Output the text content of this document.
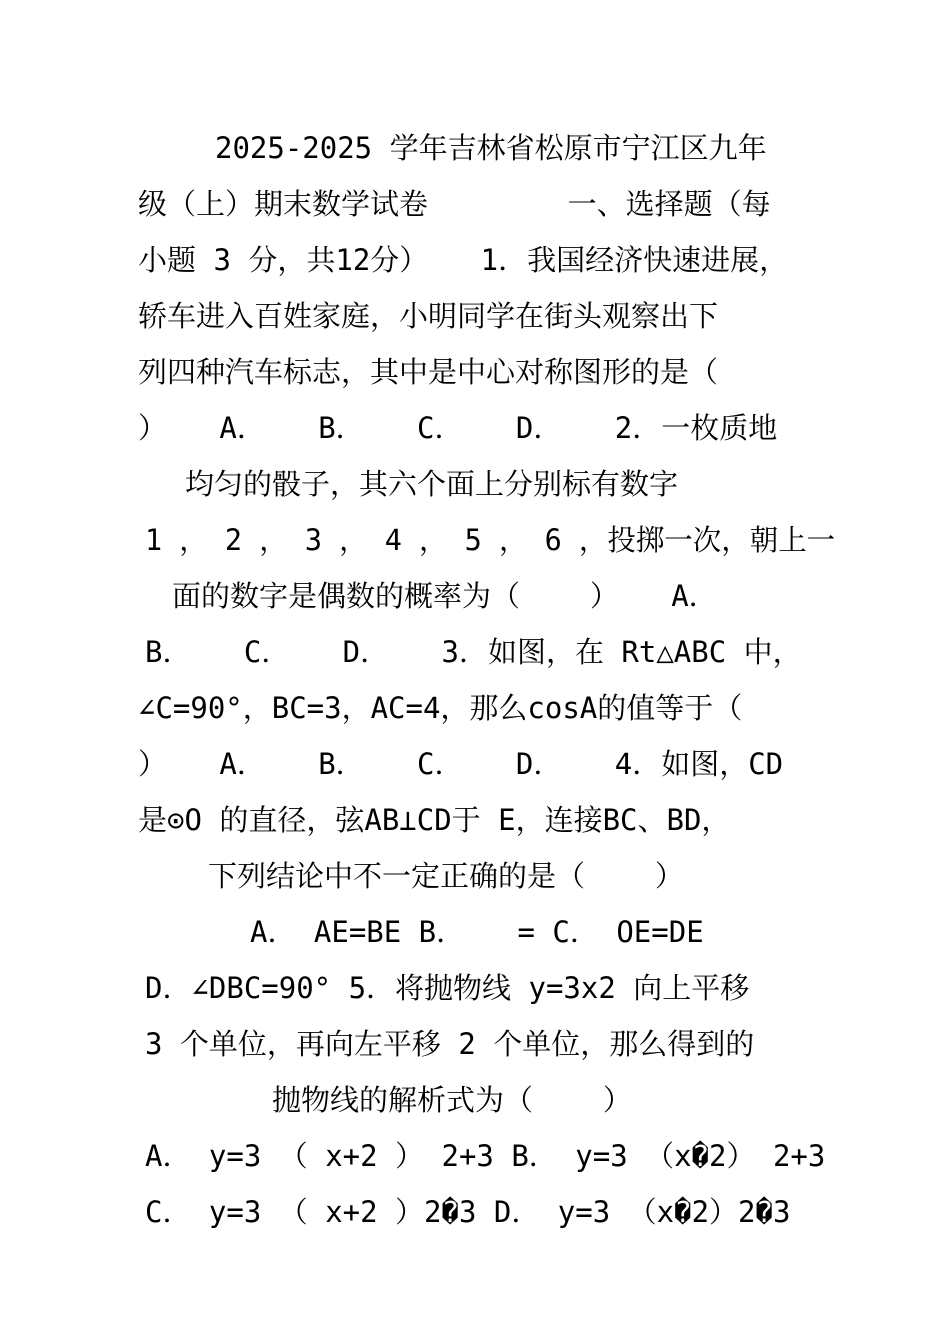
2025-2025 学年吉林省松原市宁江区九年
级（上）期末数学试卷        一、选择题（每
小题 3 分，共12分）   1．我国经济快速进展，
轿车进入百姓家庭，小明同学在街头观察出下
列四种汽车标志，其中是中心对称图形的是（
）   A．   B．   C．   D．   2．一枚质地
均匀的骰子，其六个面上分别标有数字
1 ， 2 ， 3 ， 4 ， 5 ， 6 ，投掷一次，朝上一
面的数字是偶数的概率为（    ）   A．
B．   C．   D．   3．如图，在 Rt△ABC 中，
∠C=90°，BC=3，AC=4，那么cosA的值等于（
）   A．   B．   C．   D．   4．如图，CD
是⊙O 的直径，弦AB⊥CD于 E，连接BC、BD，
下列结论中不一定正确的是（    ）
A． AE=BE B．   = C． OE=DE
D．∠DBC=90° 5．将抛物线 y=3x2 向上平移
3 个单位，再向左平移 2 个单位，那么得到的
抛物线的解析式为（    ）
A． y=3 （ x+2 ） 2+3 B． y=3 （x�2） 2+3
C． y=3 （ x+2 ）2�3 D． y=3 （x�2）2�3
